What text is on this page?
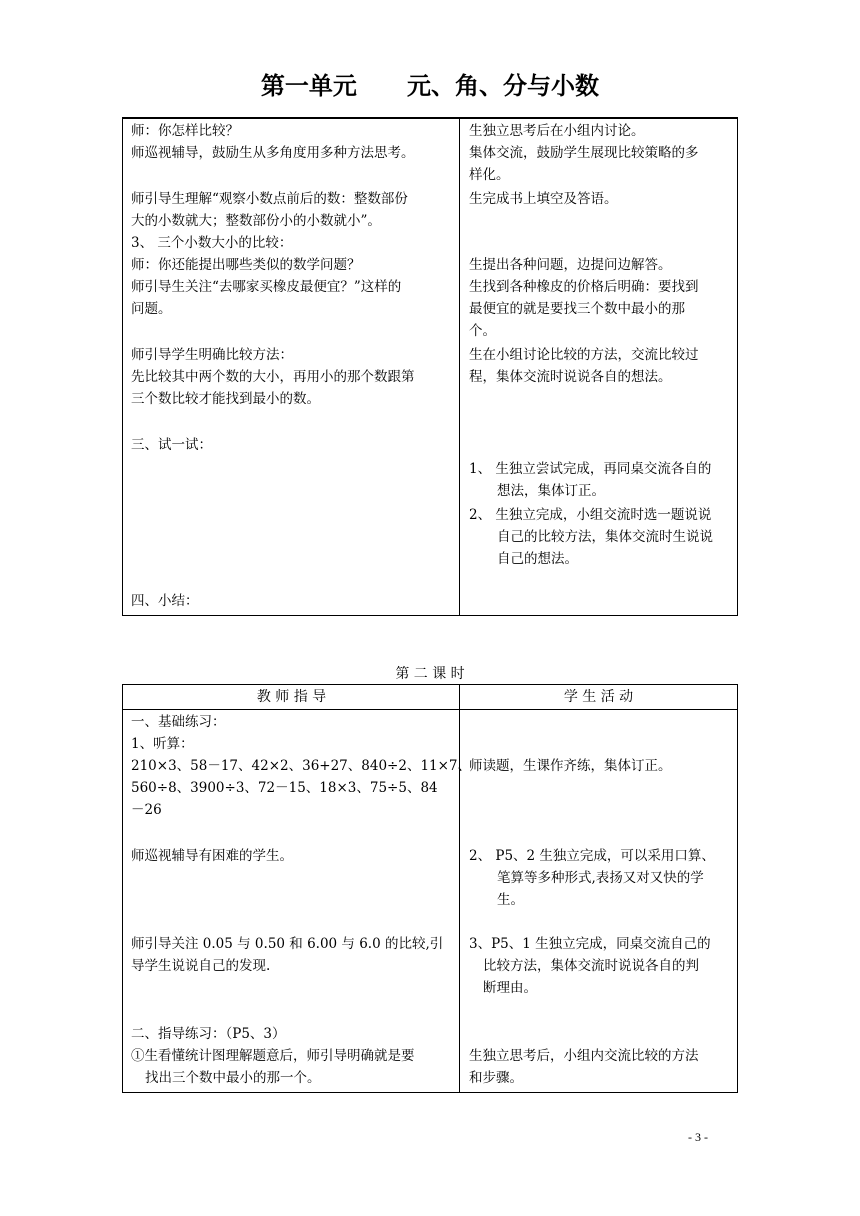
第一单元      元、角、分与小数
师：你怎样比较？
师巡视辅导，鼓励生从多角度用多种方法思考。
师引导生理解“观察小数点前后的数：整数部份
大的小数就大；整数部份小的小数就小”。
3、 三个小数大小的比较：
师：你还能提出哪些类似的数学问题？
师引导生关注“去哪家买橡皮最便宜？”这样的
问题。
师引导学生明确比较方法：
先比较其中两个数的大小，再用小的那个数跟第
三个数比较才能找到最小的数。
三、试一试：
四、小结：
生独立思考后在小组内讨论。
集体交流，鼓励学生展现比较策略的多
样化。
生完成书上填空及答语。
生提出各种问题，边提问边解答。
生找到各种橡皮的价格后明确：要找到
最便宜的就是要找三个数中最小的那
个。
生在小组讨论比较的方法，交流比较过
程，集体交流时说说各自的想法。
1、 生独立尝试完成，再同桌交流各自的
想法，集体订正。
2、 生独立完成，小组交流时选一题说说
自己的比较方法，集体交流时生说说
自己的想法。
第 二 课 时
教 师 指 导	学 生 活 动
一、基础练习：
1、听算：
210×3、58－17、42×2、36+27、840÷2、11×7、
560÷8、3900÷3、72－15、18×3、75÷5、84
－26
师巡视辅导有困难的学生。
师引导关注 0.05 与 0.50 和 6.00 与 6.0 的比较,引
导学生说说自己的发现.
二、指导练习：（P5、3）
①生看懂统计图理解题意后，师引导明确就是要
找出三个数中最小的那一个。
师读题，生课作齐练，集体订正。
2、 P5、2 生独立完成，可以采用口算、
笔算等多种形式,表扬又对又快的学
生。
3、P5、1 生独立完成，同桌交流自己的
比较方法，集体交流时说说各自的判
断理由。
生独立思考后，小组内交流比较的方法
和步骤。
- 3 -
